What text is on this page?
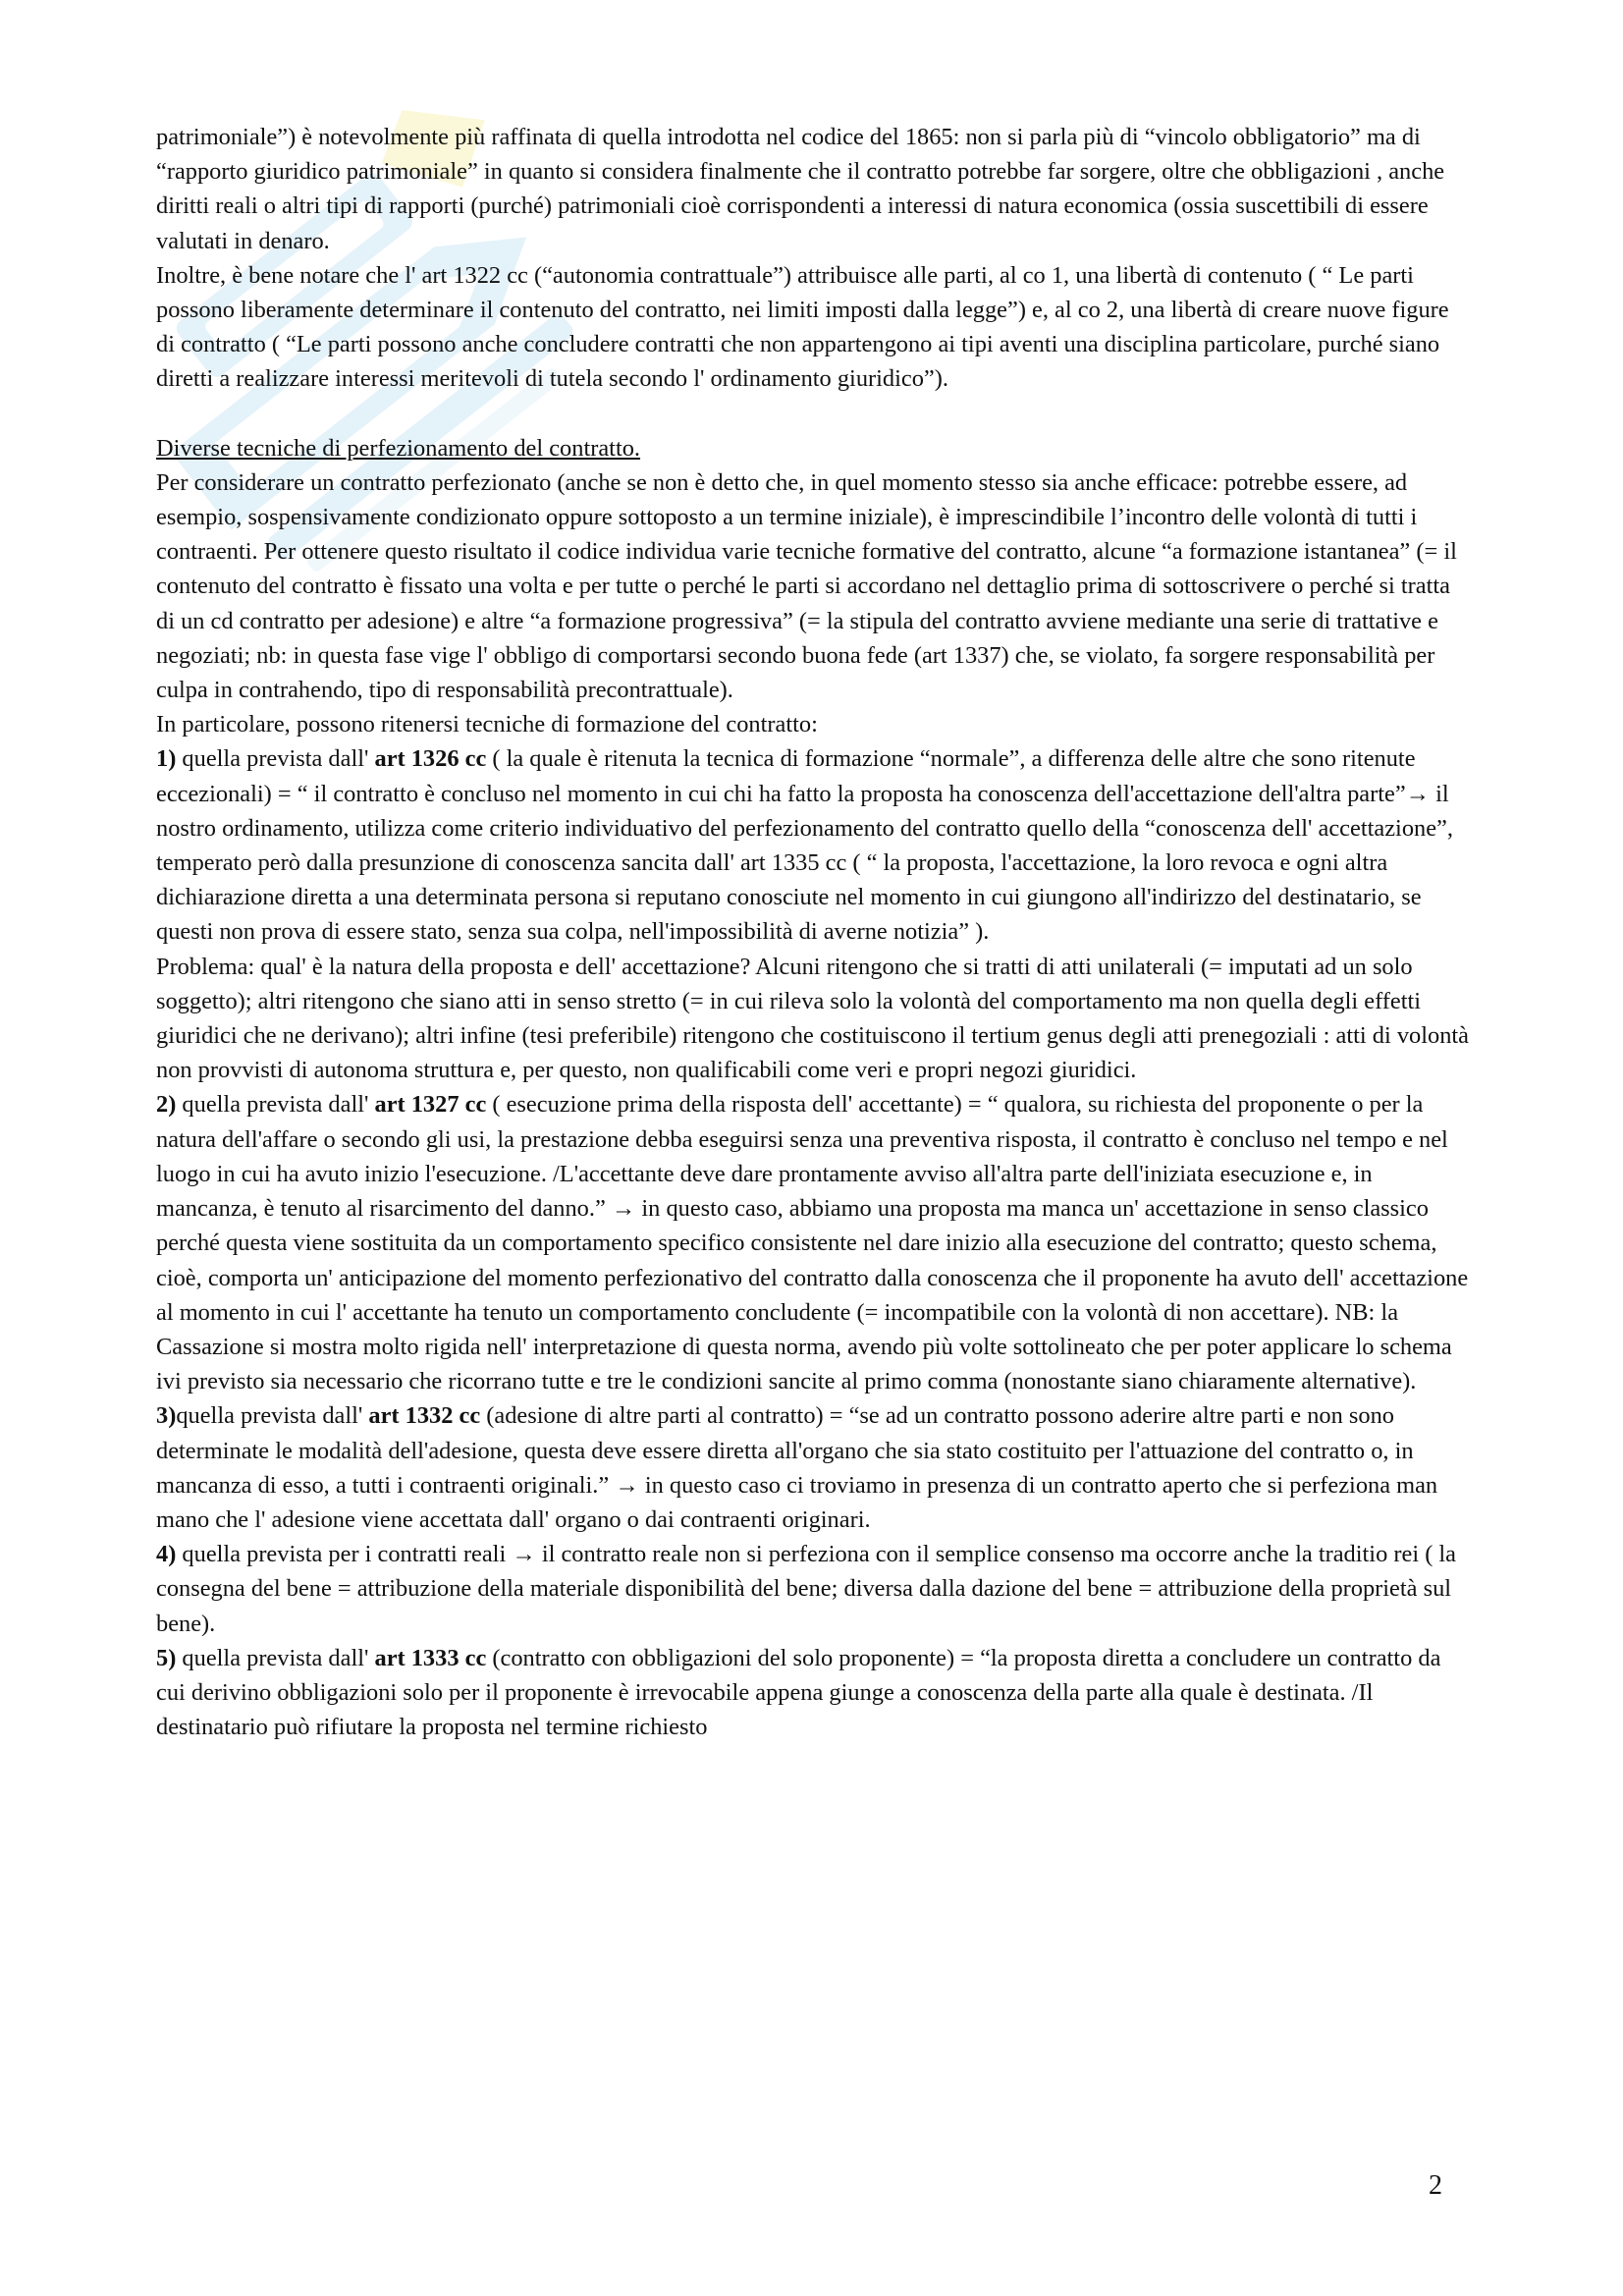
patrimoniale”) è notevolmente più raffinata di quella introdotta nel codice del 1865: non si parla più di “vincolo obbligatorio” ma di “rapporto giuridico patrimoniale” in quanto si considera finalmente che il contratto potrebbe far sorgere, oltre che obbligazioni , anche diritti reali o altri tipi di rapporti (purché) patrimoniali cioè corrispondenti a interessi di natura economica (ossia suscettibili di essere valutati in denaro.

Inoltre, è bene notare che l' art 1322 cc (“autonomia contrattuale”) attribuisce alle parti, al co 1, una libertà di contenuto ( “ Le parti possono liberamente determinare il contenuto del contratto, nei limiti imposti dalla legge”) e, al co 2, una libertà di creare nuove figure di contratto ( “Le parti possono anche concludere contratti che non appartengono ai tipi aventi una disciplina particolare, purché siano diretti a realizzare interessi meritevoli di tutela secondo l' ordinamento giuridico”).

Diverse tecniche di perfezionamento del contratto.

Per considerare un contratto perfezionato (anche se non è detto che, in quel momento stesso sia anche efficace: potrebbe essere, ad esempio, sospensivamente condizionato oppure sottoposto a un termine iniziale), è imprescindibile l’incontro delle volontà di tutti i contraenti. Per ottenere questo risultato il codice individua varie tecniche formative del contratto, alcune “a formazione istantanea” (= il contenuto del contratto è fissato una volta e per tutte o perché le parti si accordano nel dettaglio prima di sottoscrivere o perché si tratta di un cd contratto per adesione) e altre “a formazione progressiva” (= la stipula del contratto avviene mediante una serie di trattative e negoziati; nb: in questa fase vige l' obbligo di comportarsi secondo buona fede (art 1337) che, se violato, fa sorgere responsabilità per culpa in contrahendo, tipo di responsabilità precontrattuale).

In particolare, possono ritenersi tecniche di formazione del contratto:

1) quella prevista dall' art 1326 cc ( la quale è ritenuta la tecnica di formazione “normale”, a differenza delle altre che sono ritenute eccezionali) = “ il contratto è concluso nel momento in cui chi ha fatto la proposta ha conoscenza dell'accettazione dell'altra parte”→ il nostro ordinamento, utilizza come criterio individuativo del perfezionamento del contratto quello della “conoscenza dell' accettazione”, temperato però dalla presunzione di conoscenza sancita dall' art 1335 cc ( “ la proposta, l'accettazione, la loro revoca e ogni altra dichiarazione diretta a una determinata persona si reputano conosciute nel momento in cui giungono all'indirizzo del destinatario, se questi non prova di essere stato, senza sua colpa, nell'impossibilità di averne notizia” ).

Problema: qual' è la natura della proposta e dell' accettazione? Alcuni ritengono che si tratti di atti unilaterali (= imputati ad un solo soggetto); altri ritengono che siano atti in senso stretto (= in cui rileva solo la volontà del comportamento ma non quella degli effetti giuridici che ne derivano); altri infine (tesi preferibile) ritengono che costituiscono il tertium genus degli atti prenegoziali : atti di volontà non provvisti di autonoma struttura e, per questo, non qualificabili come veri e propri negozi giuridici.

2) quella prevista dall' art 1327 cc ( esecuzione prima della risposta dell' accettante) = “ qualora, su richiesta del proponente o per la natura dell'affare o secondo gli usi, la prestazione debba eseguirsi senza una preventiva risposta, il contratto è concluso nel tempo e nel luogo in cui ha avuto inizio l'esecuzione. /L'accettante deve dare prontamente avviso all'altra parte dell'iniziata esecuzione e, in mancanza, è tenuto al risarcimento del danno.” → in questo caso, abbiamo una proposta ma manca un' accettazione in senso classico perché questa viene sostituita da un comportamento specifico consistente nel dare inizio alla esecuzione del contratto; questo schema, cioè, comporta un' anticipazione del momento perfezionativo del contratto dalla conoscenza che il proponente ha avuto dell' accettazione al momento in cui l' accettante ha tenuto un comportamento concludente (= incompatibile con la volontà di non accettare). NB: la Cassazione si mostra molto rigida nell' interpretazione di questa norma, avendo più volte sottolineato che per poter applicare lo schema ivi previsto sia necessario che ricorrano tutte e tre le condizioni sancite al primo comma (nonostante siano chiaramente alternative).

3)quella prevista dall' art 1332 cc (adesione di altre parti al contratto) = “se ad un contratto possono aderire altre parti e non sono determinate le modalità dell'adesione, questa deve essere diretta all'organo che sia stato costituito per l'attuazione del contratto o, in mancanza di esso, a tutti i contraenti originali.” → in questo caso ci troviamo in presenza di un contratto aperto che si perfeziona man mano che l' adesione viene accettata dall' organo o dai contraenti originari.

4) quella prevista per i contratti reali → il contratto reale non si perfeziona con il semplice consenso ma occorre anche la traditio rei ( la consegna del bene = attribuzione della materiale disponibilità del bene; diversa dalla dazione del bene = attribuzione della proprietà sul bene).

5) quella prevista dall' art 1333 cc (contratto con obbligazioni del solo proponente) = “la proposta diretta a concludere un contratto da cui derivino obbligazioni solo per il proponente è irrevocabile appena giunge a conoscenza della parte alla quale è destinata. /Il destinatario può rifiutare la proposta nel termine richiesto

2
